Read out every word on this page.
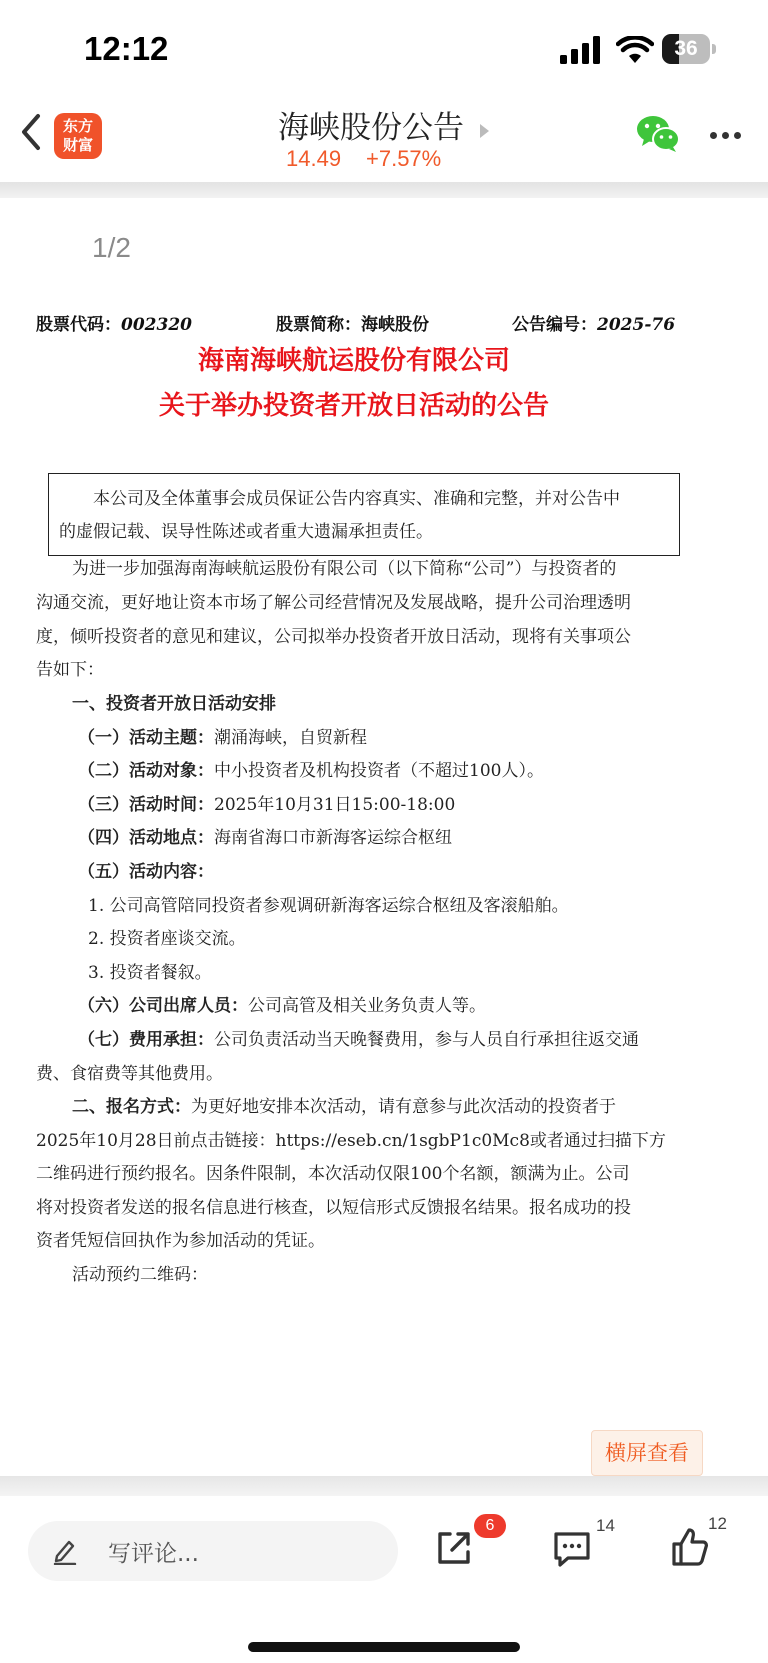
12:12	36
东方
财富	海峡股份公告
14.49 +7.57%
1/2
股票代码：002320	股票简称：海峡股份	公告编号：2025-76
海南海峡航运股份有限公司
关于举办投资者开放日活动的公告
本公司及全体董事会成员保证公告内容真实、准确和完整，并对公告中
的虚假记载、误导性陈述或者重大遗漏承担责任。
为进一步加强海南海峡航运股份有限公司（以下简称“公司”）与投资者的
沟通交流，更好地让资本市场了解公司经营情况及发展战略，提升公司治理透明
度，倾听投资者的意见和建议，公司拟举办投资者开放日活动，现将有关事项公
告如下：
一、投资者开放日活动安排
（一）活动主题：潮涌海峡，自贸新程
（二）活动对象：中小投资者及机构投资者（不超过100人）。
（三）活动时间：2025年10月31日15:00-18:00
（四）活动地点：海南省海口市新海客运综合枢纽
（五）活动内容：
1. 公司高管陪同投资者参观调研新海客运综合枢纽及客滚船舶。
2. 投资者座谈交流。
3. 投资者餐叙。
（六）公司出席人员：公司高管及相关业务负责人等。
（七）费用承担：公司负责活动当天晚餐费用，参与人员自行承担往返交通
费、食宿费等其他费用。
二、报名方式：为更好地安排本次活动，请有意参与此次活动的投资者于
2025年10月28日前点击链接：https://eseb.cn/1sgbP1c0Mc8或者通过扫描下方
二维码进行预约报名。因条件限制，本次活动仅限100个名额，额满为止。公司
将对投资者发送的报名信息进行核查，以短信形式反馈报名结果。报名成功的投
资者凭短信回执作为参加活动的凭证。
活动预约二维码：
横屏查看
写评论...
6	14	12
